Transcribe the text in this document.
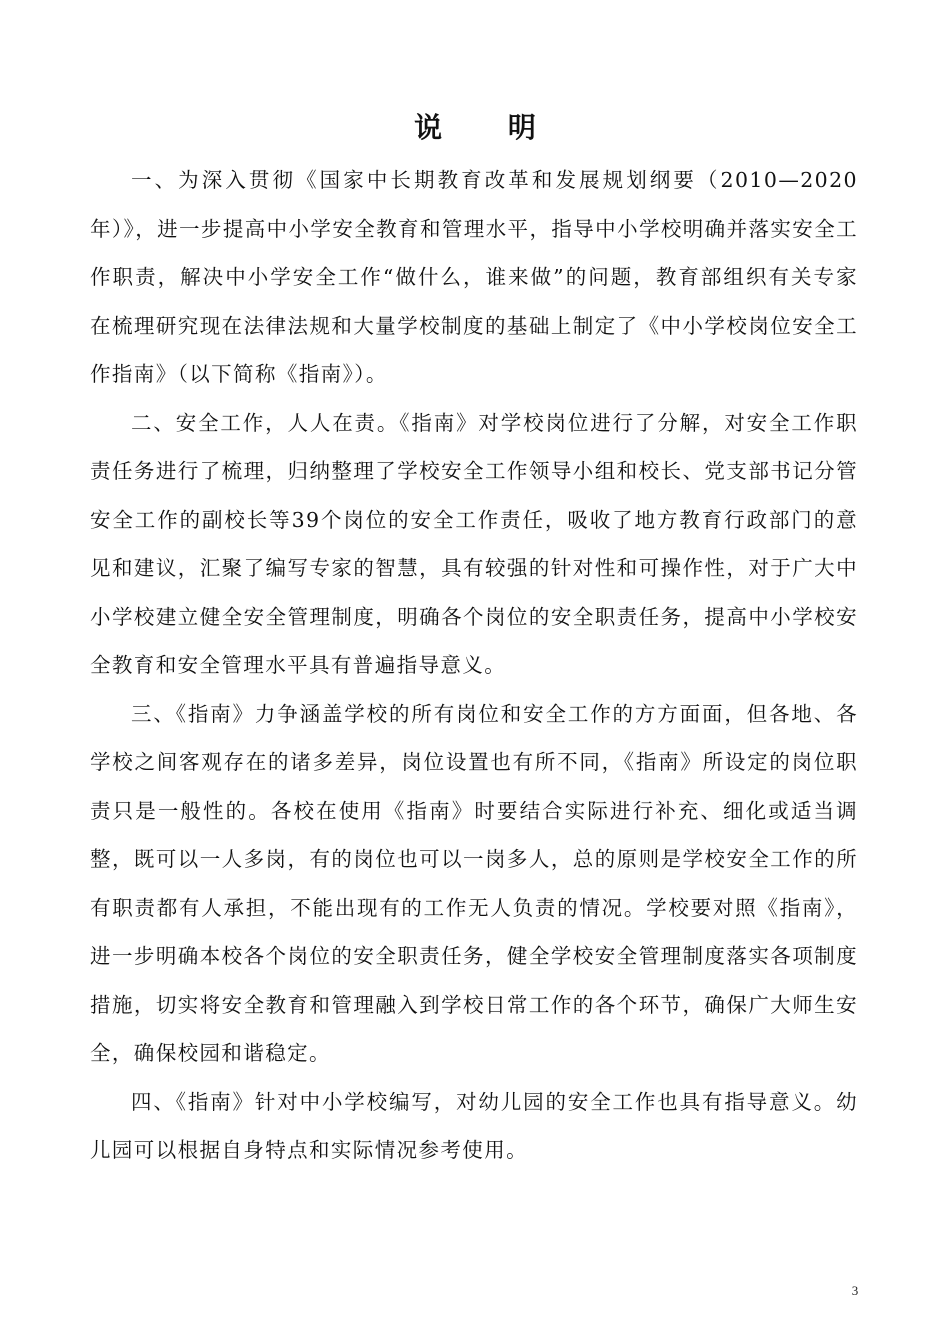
说 明

一、为深入贯彻《国家中长期教育改革和发展规划纲要（2010—2020年）》，进一步提高中小学安全教育和管理水平，指导中小学校明确并落实安全工作职责，解决中小学安全工作“做什么，谁来做”的问题，教育部组织有关专家在梳理研究现在法律法规和大量学校制度的基础上制定了《中小学校岗位安全工作指南》（以下简称《指南》）。

二、安全工作，人人在责。《指南》对学校岗位进行了分解，对安全工作职责任务进行了梳理，归纳整理了学校安全工作领导小组和校长、党支部书记分管安全工作的副校长等39个岗位的安全工作责任，吸收了地方教育行政部门的意见和建议，汇聚了编写专家的智慧，具有较强的针对性和可操作性，对于广大中小学校建立健全安全管理制度，明确各个岗位的安全职责任务，提高中小学校安全教育和安全管理水平具有普遍指导意义。

三、《指南》力争涵盖学校的所有岗位和安全工作的方方面面，但各地、各学校之间客观存在的诸多差异，岗位设置也有所不同，《指南》所设定的岗位职责只是一般性的。各校在使用《指南》时要结合实际进行补充、细化或适当调整，既可以一人多岗，有的岗位也可以一岗多人，总的原则是学校安全工作的所有职责都有人承担，不能出现有的工作无人负责的情况。学校要对照《指南》，进一步明确本校各个岗位的安全职责任务，健全学校安全管理制度落实各项制度措施，切实将安全教育和管理融入到学校日常工作的各个环节，确保广大师生安全，确保校园和谐稳定。

四、《指南》针对中小学校编写，对幼儿园的安全工作也具有指导意义。幼儿园可以根据自身特点和实际情况参考使用。

3
